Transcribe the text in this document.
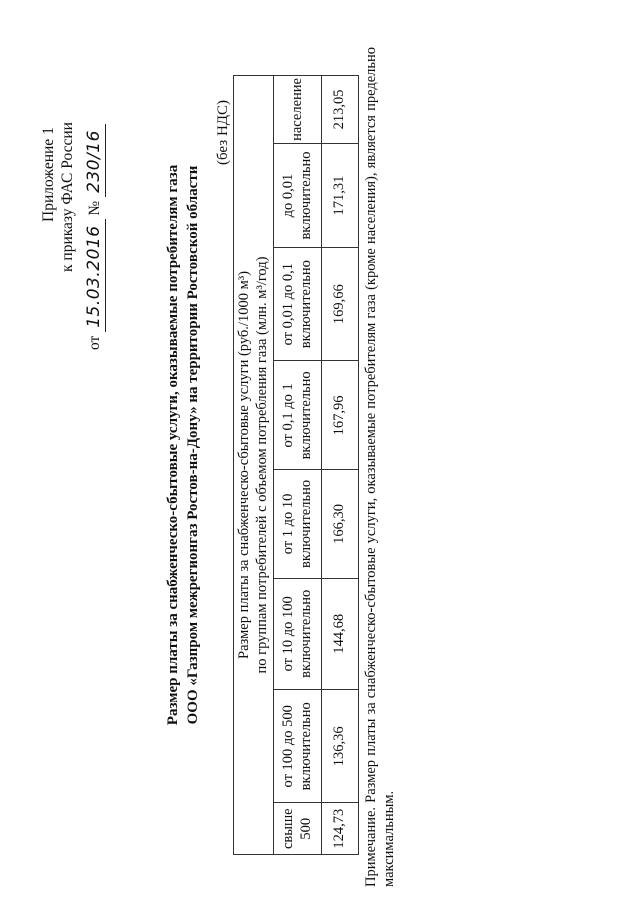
Приложение 1 к приказу ФАС России
от 15.03.2016 № 230/16
Размер платы за снабженческо-сбытовые услуги, оказываемые потребителям газа ООО «Газпром межрегионгаз Ростов-на-Дону» на территории Ростовской области
(без НДС)
Размер платы за снабженческо-сбытовые услуги (руб./1000 м³) по группам потребителей с объемом потребления газа (млн. м³/год)							

свыше 500	от 100 до 500 включительно	от 10 до 100 включительно	от 1 до 10 включительно	от 0,1 до 1 включительно	от 0,01 до 0,1 включительно	до 0,01 включительно	население
124,73	136,36	144,68	166,30	167,96	169,66	171,31	213,05 Примечание. Размер платы за снабженческо-сбытовые услуги, оказываемые потребителям газа (кроме населения), является предельно максимальным.
